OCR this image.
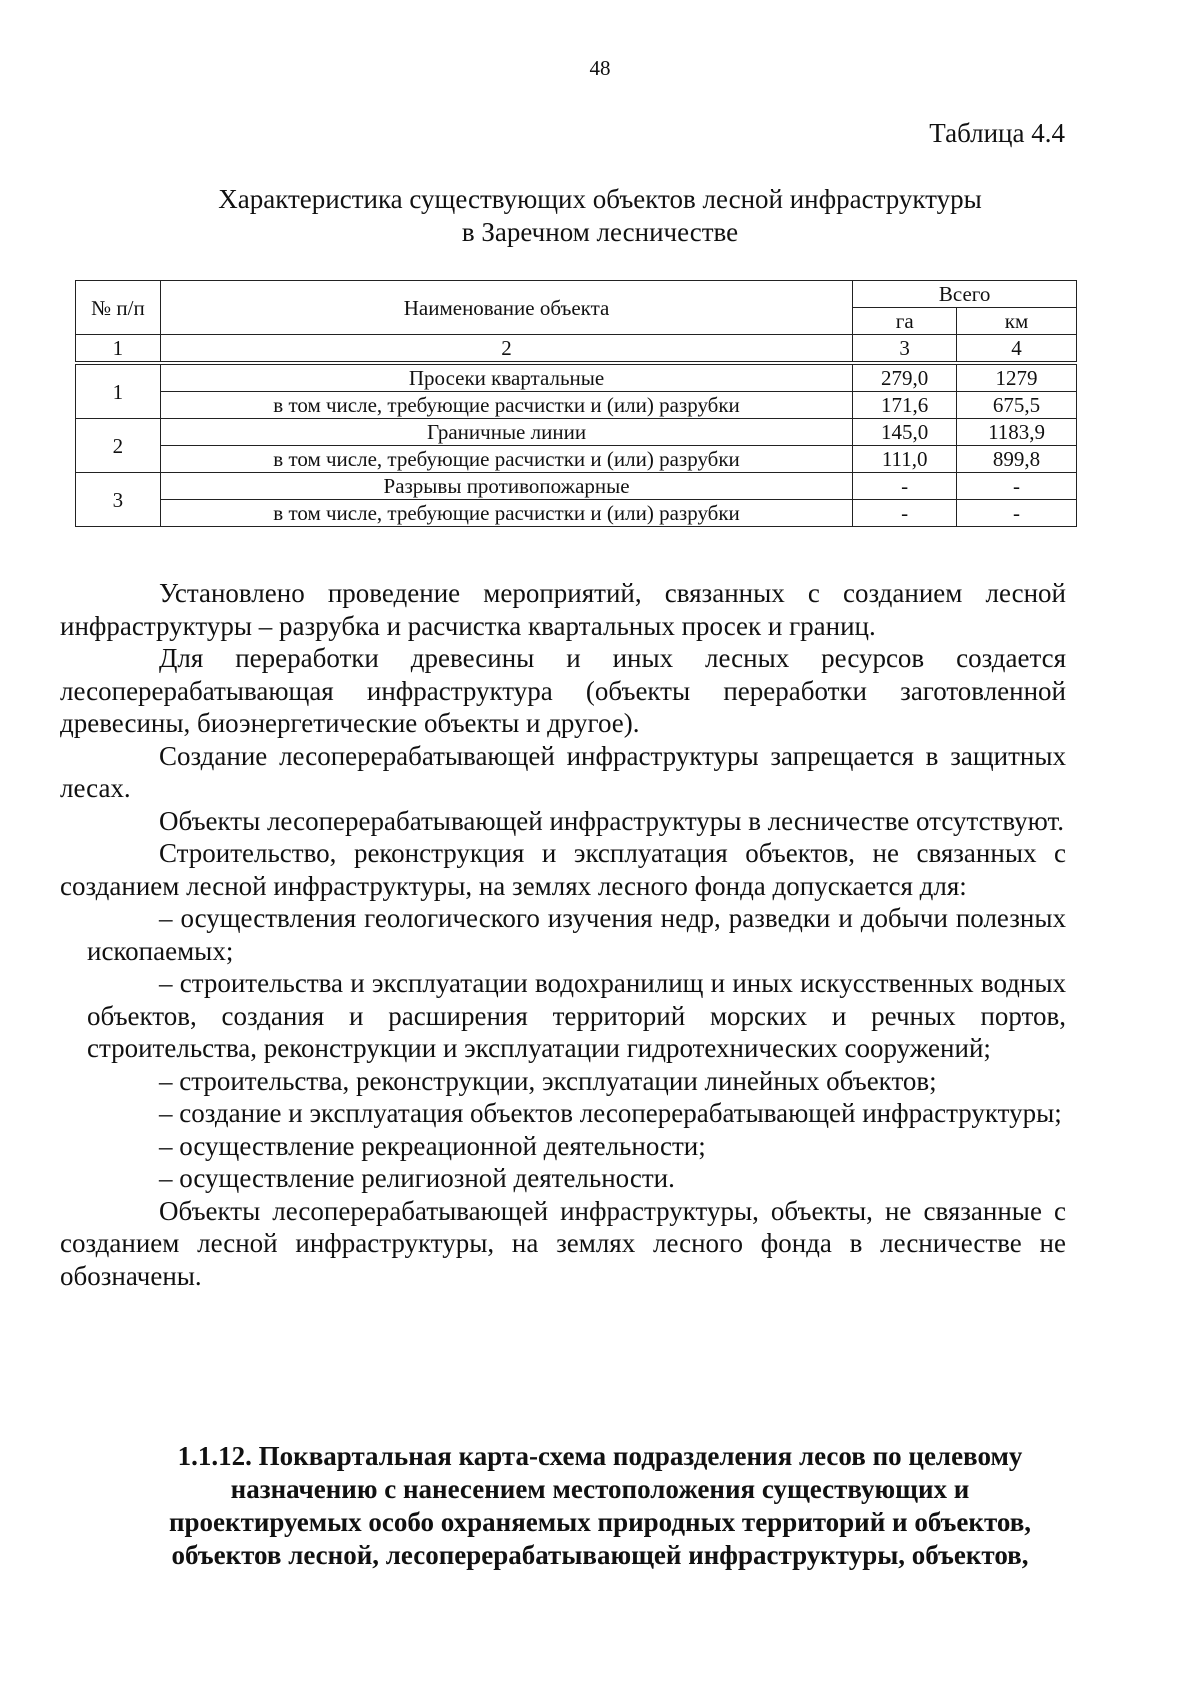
48
Таблица 4.4
Характеристика существующих объектов лесной инфраструктуры
в Заречном лесничестве
№ п/п	Наименование объекта	Всего	
		га	км
1	2	3	4
1	Просеки квартальные	279,0	1279
	в том числе, требующие расчистки и (или) разрубки	171,6	675,5
2	Граничные линии	145,0	1183,9
	в том числе, требующие расчистки и (или) разрубки	111,0	899,8
3	Разрывы противопожарные	-	-
	в том числе, требующие расчистки и (или) разрубки	-	-

Установлено проведение мероприятий, связанных с созданием лесной инфраструктуры – разрубка и расчистка квартальных просек и границ.

Для переработки древесины и иных лесных ресурсов создается лесоперерабатывающая инфраструктура (объекты переработки заготовленной древесины, биоэнергетические объекты и другое).

Создание лесоперерабатывающей инфраструктуры запрещается в защитных лесах.

Объекты лесоперерабатывающей инфраструктуры в лесничестве отсутствуют.

Строительство, реконструкция и эксплуатация объектов, не связанных с созданием лесной инфраструктуры, на землях лесного фонда допускается для:

– осуществления геологического изучения недр, разведки и добычи полезных ископаемых;

– строительства и эксплуатации водохранилищ и иных искусственных водных объектов, создания и расширения территорий морских и речных портов, строительства, реконструкции и эксплуатации гидротехнических сооружений;

– строительства, реконструкции, эксплуатации линейных объектов;

– создание и эксплуатация объектов лесоперерабатывающей инфраструктуры;

– осуществление рекреационной деятельности;

– осуществление религиозной деятельности.

Объекты лесоперерабатывающей инфраструктуры, объекты, не связанные с созданием лесной инфраструктуры, на землях лесного фонда в лесничестве не обозначены.

1.1.12. Поквартальная карта-схема подразделения лесов по целевому
назначению с нанесением местоположения существующих и
проектируемых особо охраняемых природных территорий и объектов,
объектов лесной, лесоперерабатывающей инфраструктуры, объектов,
